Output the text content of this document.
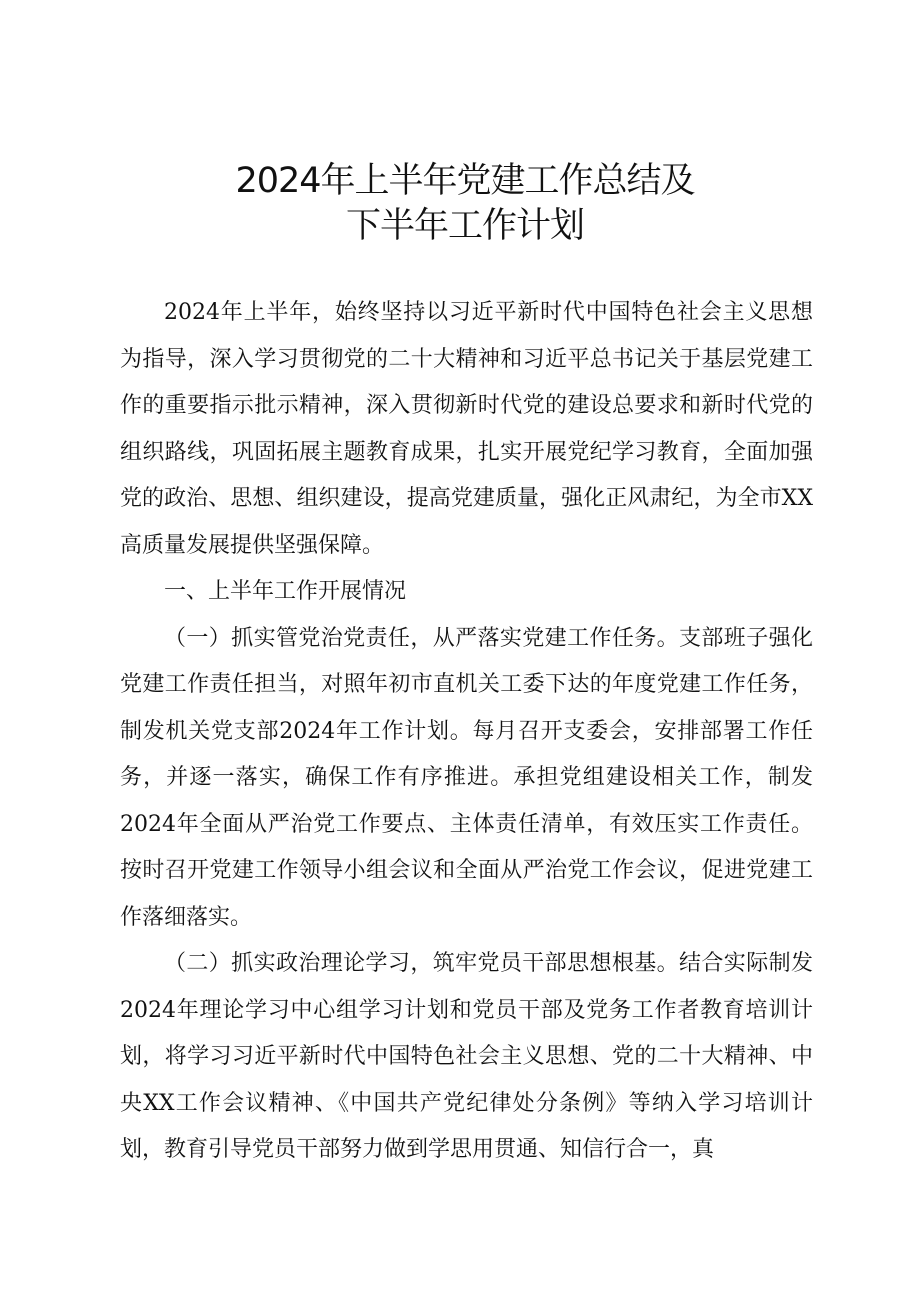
2024年上半年党建工作总结及
下半年工作计划

2024年上半年，始终坚持以习近平新时代中国特色社会主义思想为指导，深入学习贯彻党的二十大精神和习近平总书记关于基层党建工作的重要指示批示精神，深入贯彻新时代党的建设总要求和新时代党的组织路线，巩固拓展主题教育成果，扎实开展党纪学习教育，全面加强党的政治、思想、组织建设，提高党建质量，强化正风肃纪，为全市XX高质量发展提供坚强保障。

一、上半年工作开展情况

（一）抓实管党治党责任，从严落实党建工作任务。支部班子强化党建工作责任担当，对照年初市直机关工委下达的年度党建工作任务，制发机关党支部2024年工作计划。每月召开支委会，安排部署工作任务，并逐一落实，确保工作有序推进。承担党组建设相关工作，制发2024年全面从严治党工作要点、主体责任清单，有效压实工作责任。按时召开党建工作领导小组会议和全面从严治党工作会议，促进党建工作落细落实。

（二）抓实政治理论学习，筑牢党员干部思想根基。结合实际制发2024年理论学习中心组学习计划和党员干部及党务工作者教育培训计划，将学习习近平新时代中国特色社会主义思想、党的二十大精神、中央XX工作会议精神、《中国共产党纪律处分条例》等纳入学习培训计划，教育引导党员干部努力做到学思用贯通、知信行合一，真
